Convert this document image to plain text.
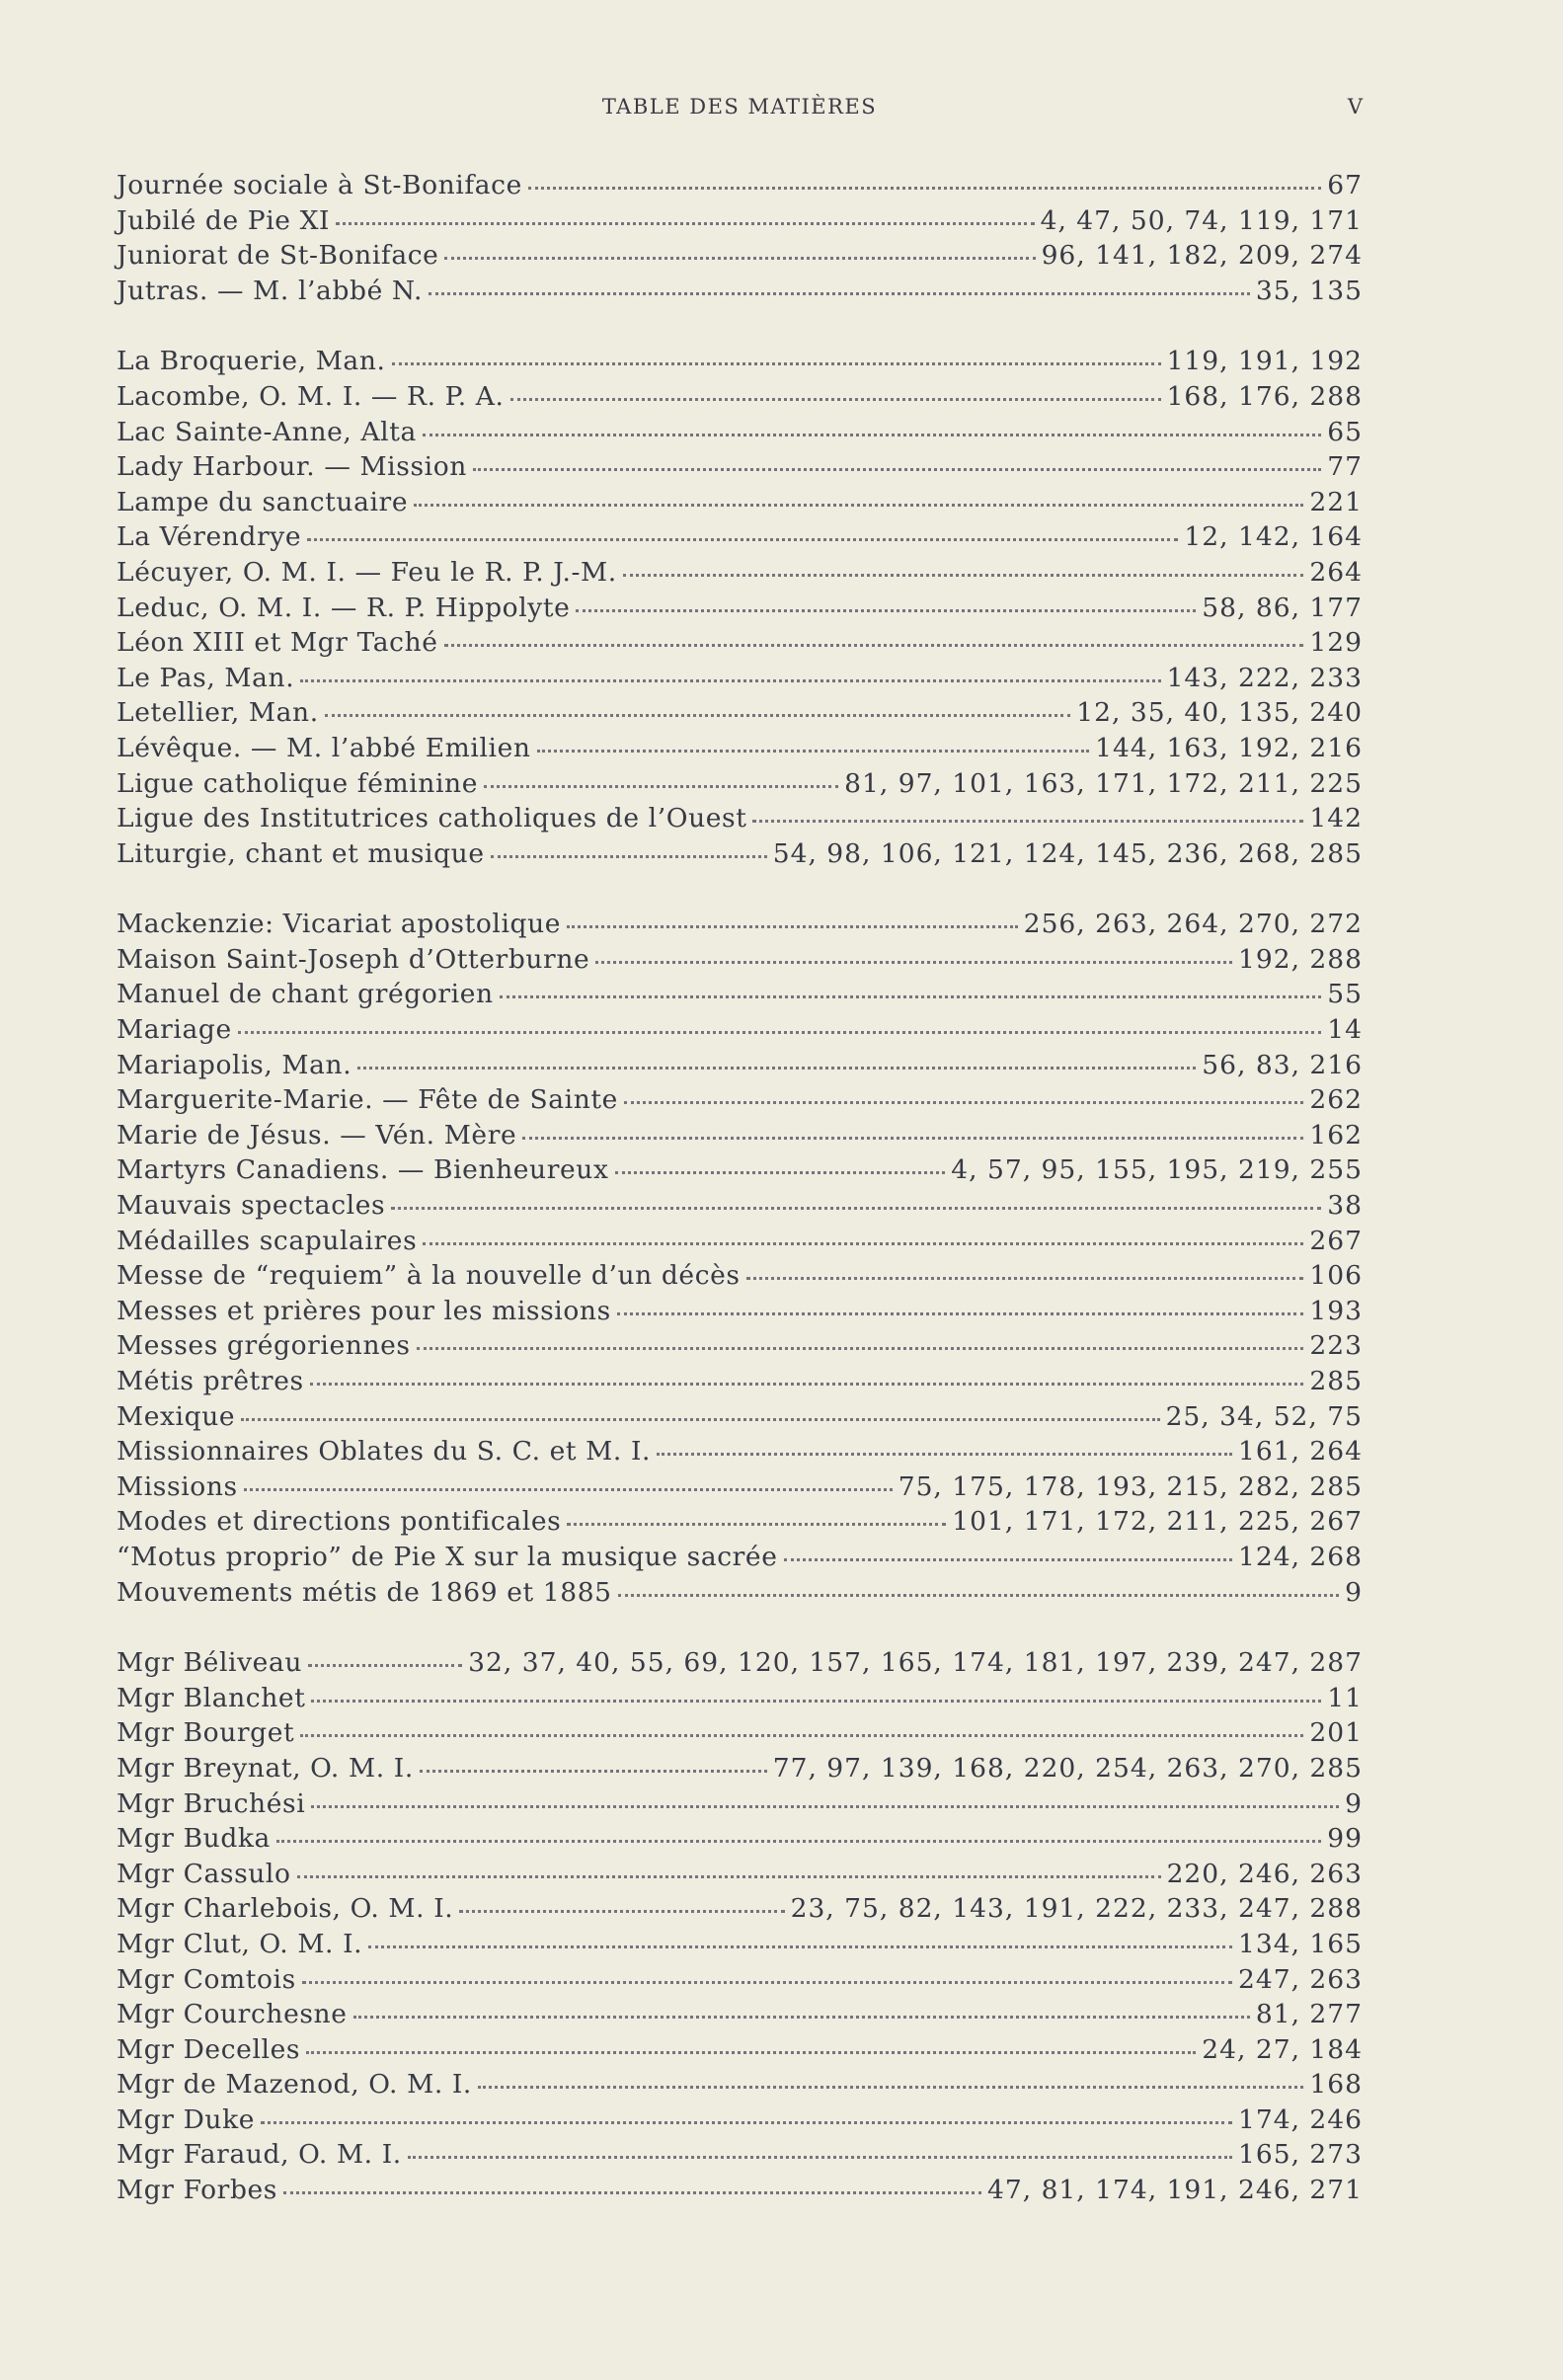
TABLE DES MATIÈRES	V
Journée sociale à St-Boniface	67
Jubilé de Pie XI	4, 47, 50, 74, 119, 171
Juniorat de St-Boniface	96, 141, 182, 209, 274
Jutras. — M. l’abbé N.	35, 135
La Broquerie, Man.	119, 191, 192
Lacombe, O. M. I. — R. P. A.	168, 176, 288
Lac Sainte-Anne, Alta	65
Lady Harbour. — Mission	77
Lampe du sanctuaire	221
La Vérendrye	12, 142, 164
Lécuyer, O. M. I. — Feu le R. P. J.-M.	264
Leduc, O. M. I. — R. P. Hippolyte	58, 86, 177
Léon XIII et Mgr Taché	129
Le Pas, Man.	143, 222, 233
Letellier, Man.	12, 35, 40, 135, 240
Lévêque. — M. l’abbé Emilien	144, 163, 192, 216
Ligue catholique féminine	81, 97, 101, 163, 171, 172, 211, 225
Ligue des Institutrices catholiques de l’Ouest	142
Liturgie, chant et musique	54, 98, 106, 121, 124, 145, 236, 268, 285
Mackenzie: Vicariat apostolique	256, 263, 264, 270, 272
Maison Saint-Joseph d’Otterburne	192, 288
Manuel de chant grégorien	55
Mariage	14
Mariapolis, Man.	56, 83, 216
Marguerite-Marie. — Fête de Sainte	262
Marie de Jésus. — Vén. Mère	162
Martyrs Canadiens. — Bienheureux	4, 57, 95, 155, 195, 219, 255
Mauvais spectacles	38
Médailles scapulaires	267
Messe de “requiem” à la nouvelle d’un décès	106
Messes et prières pour les missions	193
Messes grégoriennes	223
Métis prêtres	285
Mexique	25, 34, 52, 75
Missionnaires Oblates du S. C. et M. I.	161, 264
Missions	75, 175, 178, 193, 215, 282, 285
Modes et directions pontificales	101, 171, 172, 211, 225, 267
“Motus proprio” de Pie X sur la musique sacrée	124, 268
Mouvements métis de 1869 et 1885	9
Mgr Béliveau	32, 37, 40, 55, 69, 120, 157, 165, 174, 181, 197, 239, 247, 287
Mgr Blanchet	11
Mgr Bourget	201
Mgr Breynat, O. M. I.	77, 97, 139, 168, 220, 254, 263, 270, 285
Mgr Bruchési	9
Mgr Budka	99
Mgr Cassulo	220, 246, 263
Mgr Charlebois, O. M. I.	23, 75, 82, 143, 191, 222, 233, 247, 288
Mgr Clut, O. M. I.	134, 165
Mgr Comtois	247, 263
Mgr Courchesne	81, 277
Mgr Decelles	24, 27, 184
Mgr de Mazenod, O. M. I.	168
Mgr Duke	174, 246
Mgr Faraud, O. M. I.	165, 273
Mgr Forbes	47, 81, 174, 191, 246, 271
